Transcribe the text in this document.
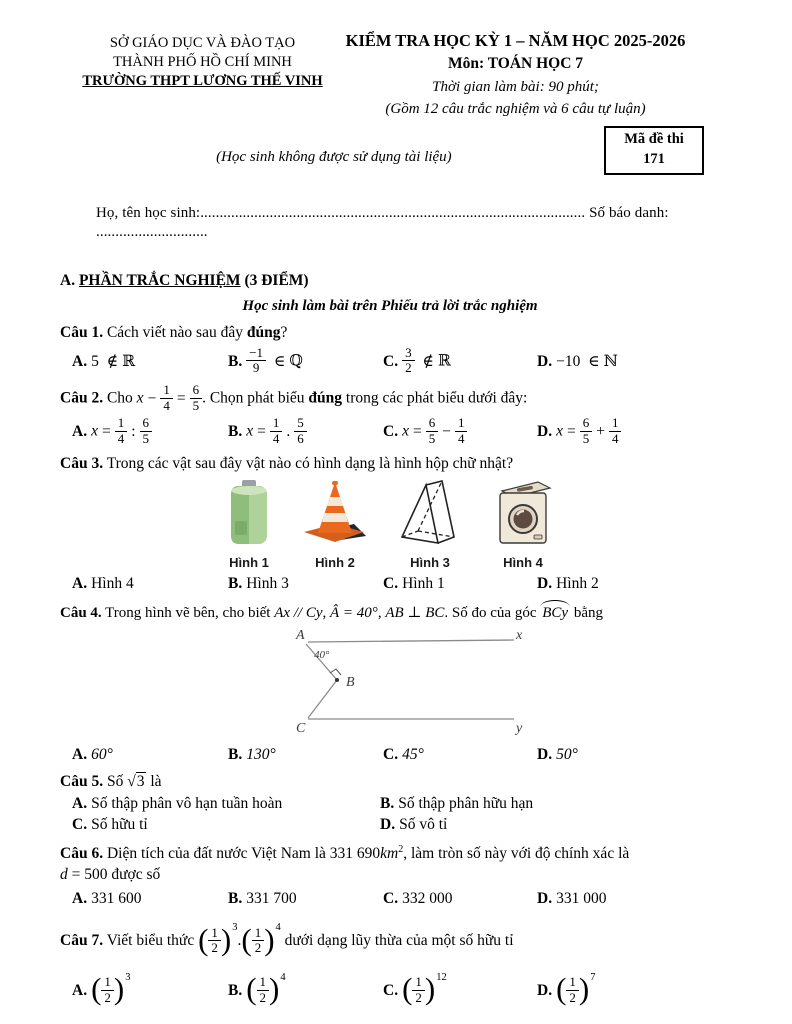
SỞ GIÁO DỤC VÀ ĐÀO TẠO
THÀNH PHỐ HỒ CHÍ MINH
TRƯỜNG THPT LƯƠNG THẾ VINH
KIỂM TRA HỌC KỲ 1 – NĂM HỌC 2025-2026
Môn: TOÁN HỌC 7
Thời gian làm bài: 90 phút;
(Gồm 12 câu trắc nghiệm và 6 câu tự luận)
Mã đề thi
171
(Học sinh không được sử dụng tài liệu)
Họ, tên học sinh:.................................................................................................... Số báo danh: .............................
A. PHẦN TRẮC NGHIỆM (3 ĐIỂM)
Học sinh làm bài trên Phiếu trả lời trắc nghiệm

Câu 1. Cách viết nào sau đây đúng?

A. 5 ∉ ℝ	B. $\frac{-1}{9}$ ∈ ℚ	C. $\frac{3}{2}$ ∉ ℝ	D. −10 ∈ ℕ

Câu 2. Cho $x - \frac{1}{4} = \frac{6}{5}$ . Chọn phát biểu đúng trong các phát biểu dưới đây:

A. $x = \frac{1}{4}$ : $\frac{6}{5}$	B. $x = \frac{1}{4}$ . $\frac{5}{6}$	C. $x = \frac{6}{5} - \frac{1}{4}$	D. $x = \frac{6}{5} + \frac{1}{4}$

Câu 3. Trong các vật sau đây vật nào có hình dạng là hình hộp chữ nhật?

Hình 1	Hình 2	Hình 3	Hình 4
A. Hình 4	B. Hình 3	C. Hình 1	D. Hình 2

Câu 4. Trong hình vẽ bên, cho biết Ax // Cy, Â = 40°, AB ⊥ BC. Số đo của góc BCy bằng

A	x
B
C	y
40°
A. 60°	B. 130°	C. 45°	D. 50°

Câu 5. Số √3 là

A. Số thập phân vô hạn tuần hoàn	B. Số thập phân hữu hạn
C. Số hữu tỉ	D. Số vô tỉ

Câu 6. Diện tích của đất nước Việt Nam là 331 $690km^2$, làm tròn số này với độ chính xác là

d = 500 được số

A. 331 600	B. 331 700	C. 332 000	D. 331 000

Câu 7. Viết biểu thức ( $\frac{1}{2} )^3.( \frac{1}{2} )^4$ dưới dạng lũy thừa của một số hữu tỉ

A. ( $\frac{1}{2} )^3$
B. ( $\frac{1}{2} )^4$
C. ( $\frac{1}{2} )^{12}$
D. ( $\frac{1}{2} )^7$
